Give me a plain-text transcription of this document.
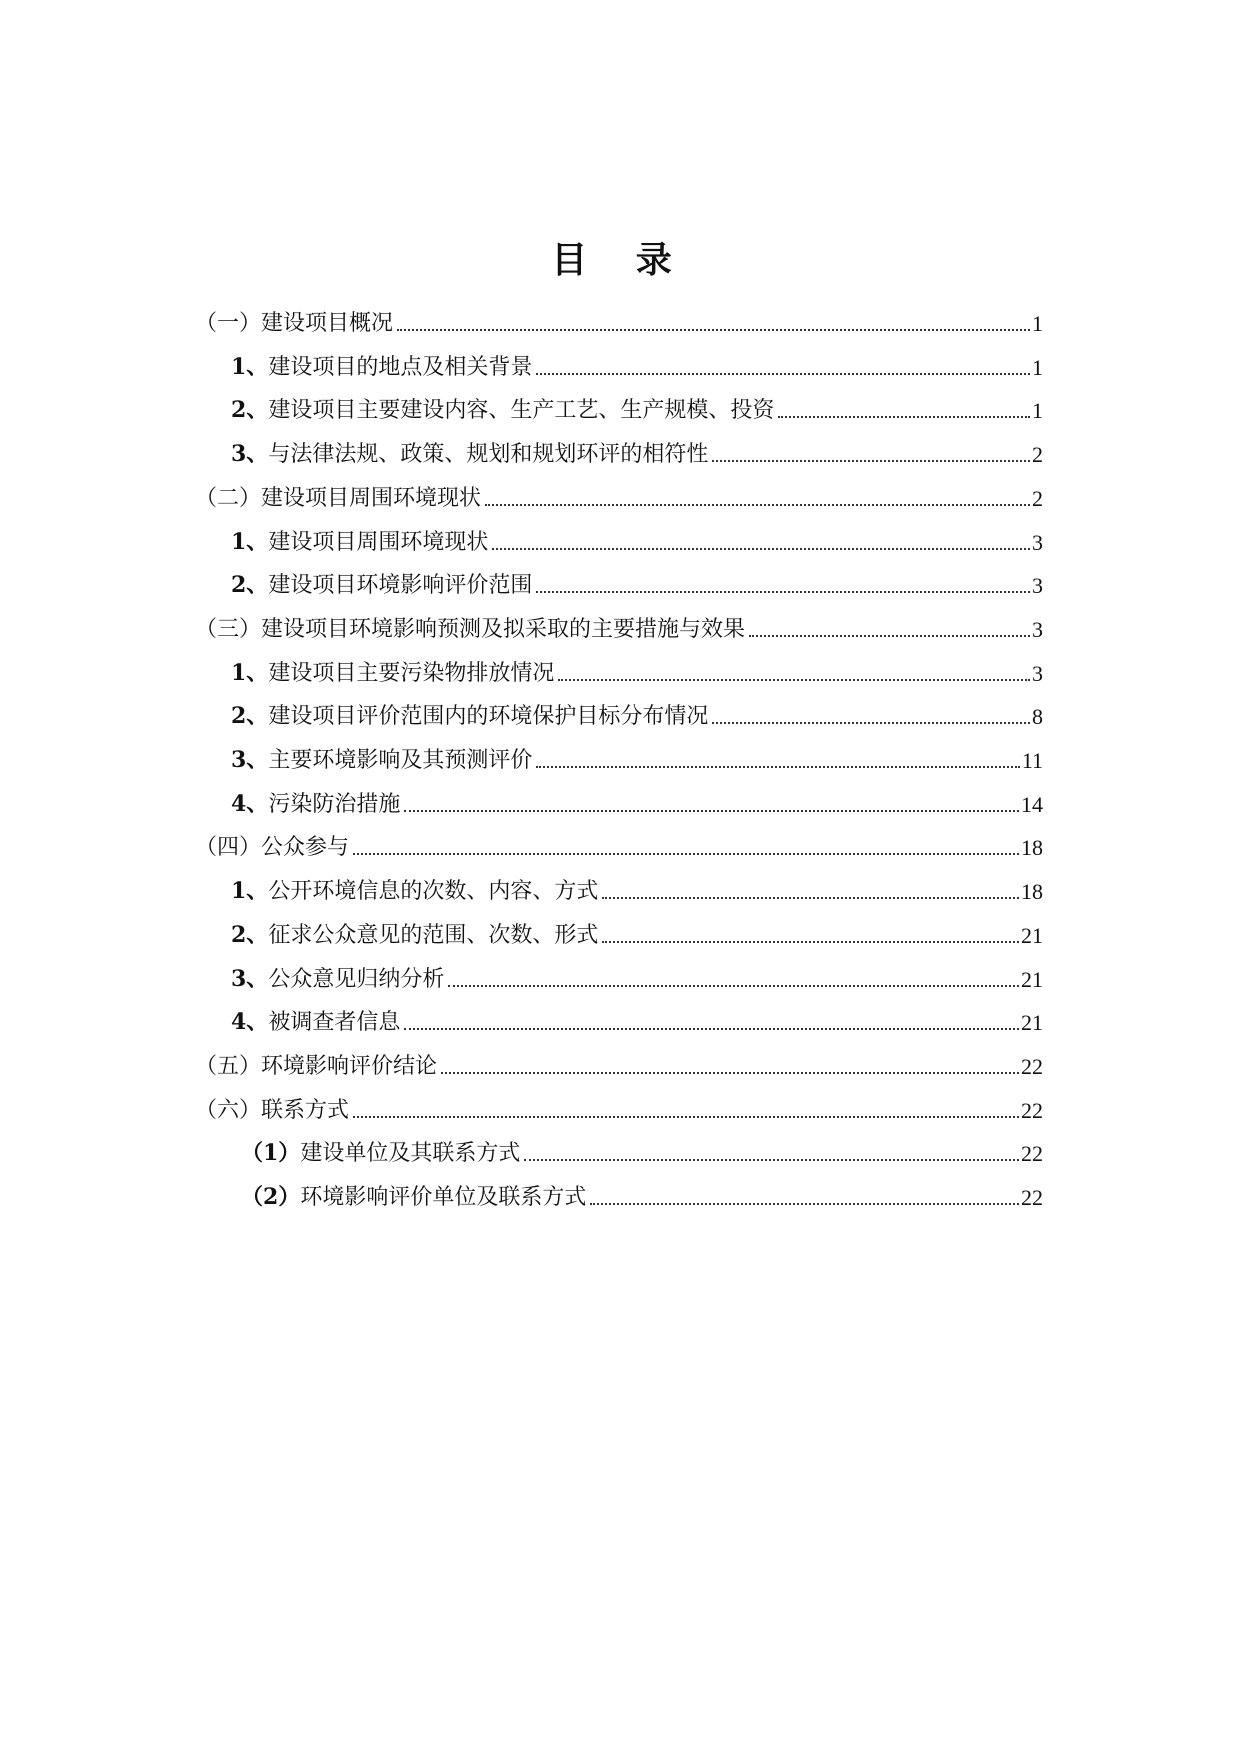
目 录
（一）建设项目概况	1
1、建设项目的地点及相关背景	1
2、建设项目主要建设内容、生产工艺、生产规模、投资	1
3、与法律法规、政策、规划和规划环评的相符性	2
（二）建设项目周围环境现状	2
1、建设项目周围环境现状	3
2、建设项目环境影响评价范围	3
（三）建设项目环境影响预测及拟采取的主要措施与效果	3
1、建设项目主要污染物排放情况	3
2、建设项目评价范围内的环境保护目标分布情况	8
3、主要环境影响及其预测评价	11
4、污染防治措施	14
（四）公众参与	18
1、公开环境信息的次数、内容、方式	18
2、征求公众意见的范围、次数、形式	21
3、公众意见归纳分析	21
4、被调查者信息	21
（五）环境影响评价结论	22
（六）联系方式	22
（1）建设单位及其联系方式	22
（2）环境影响评价单位及联系方式	22
